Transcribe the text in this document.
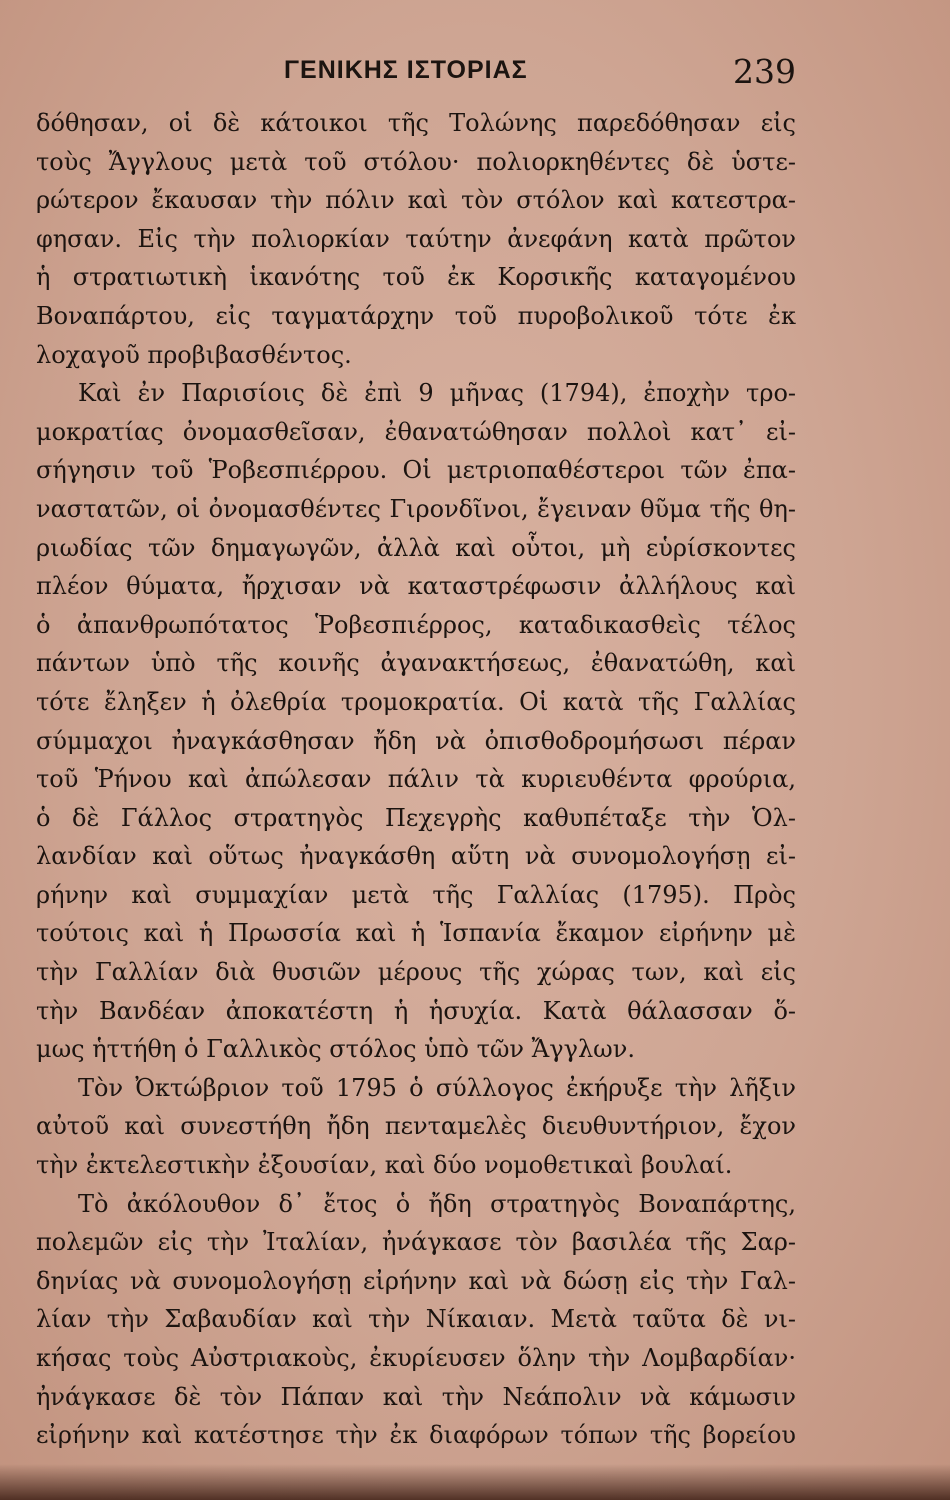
ΓΕΝΙΚΗΣ ΙΣΤΟΡΙΑΣ	239
δόθησαν, οἱ δὲ κάτοικοι τῆς Τολώνης παρεδόθησαν εἰς
τοὺς Ἄγγλους μετὰ τοῦ στόλου· πολιορκηθέντες δὲ ὑστε-
ρώτερον ἔκαυσαν τὴν πόλιν καὶ τὸν στόλον καὶ κατεστρα-
φησαν. Εἰς τὴν πολιορκίαν ταύτην ἀνεφάνη κατὰ πρῶτον
ἡ στρατιωτικὴ ἱκανότης τοῦ ἐκ Κορσικῆς καταγομένου
Βοναπάρτου, εἰς ταγματάρχην τοῦ πυροβολικοῦ τότε ἐκ
λοχαγοῦ προβιβασθέντος.
Καὶ ἐν Παρισίοις δὲ ἐπὶ 9 μῆνας (1794), ἐποχὴν τρο-
μοκρατίας ὀνομασθεῖσαν, ἐθανατώθησαν πολλοὶ κατ᾽ εἰ-
σήγησιν τοῦ Ῥοβεσπιέρρου. Οἱ μετριοπαθέστεροι τῶν ἐπα-
ναστατῶν, οἱ ὀνομασθέντες Γιρονδῖνοι, ἔγειναν θῦμα τῆς θη-
ριωδίας τῶν δημαγωγῶν, ἀλλὰ καὶ οὗτοι, μὴ εὑρίσκοντες
πλέον θύματα, ἤρχισαν νὰ καταστρέφωσιν ἀλλήλους καὶ
ὁ ἀπανθρωπότατος Ῥοβεσπιέρρος, καταδικασθεὶς τέλος
πάντων ὑπὸ τῆς κοινῆς ἀγανακτήσεως, ἐθανατώθη, καὶ
τότε ἔληξεν ἡ ὀλεθρία τρομοκρατία. Οἱ κατὰ τῆς Γαλλίας
σύμμαχοι ἠναγκάσθησαν ἤδη νὰ ὀπισθοδρομήσωσι πέραν
τοῦ Ῥήνου καὶ ἀπώλεσαν πάλιν τὰ κυριευθέντα φρούρια,
ὁ δὲ Γάλλος στρατηγὸς Πεχεγρὴς καθυπέταξε τὴν Ὁλ-
λανδίαν καὶ οὕτως ἠναγκάσθη αὕτη νὰ συνομολογήσῃ εἰ-
ρήνην καὶ συμμαχίαν μετὰ τῆς Γαλλίας (1795). Πρὸς
τούτοις καὶ ἡ Πρωσσία καὶ ἡ Ἱσπανία ἔκαμον εἰρήνην μὲ
τὴν Γαλλίαν διὰ θυσιῶν μέρους τῆς χώρας των, καὶ εἰς
τὴν Βανδέαν ἀποκατέστη ἡ ἡσυχία. Κατὰ θάλασσαν ὅ-
μως ἡττήθη ὁ Γαλλικὸς στόλος ὑπὸ τῶν Ἄγγλων.
Τὸν Ὀκτώβριον τοῦ 1795 ὁ σύλλογος ἐκήρυξε τὴν λῆξιν
αὐτοῦ καὶ συνεστήθη ἤδη πενταμελὲς διευθυντήριον, ἔχον
τὴν ἐκτελεστικὴν ἐξουσίαν, καὶ δύο νομοθετικαὶ βουλαί.
Τὸ ἀκόλουθον δ᾽ ἔτος ὁ ἤδη στρατηγὸς Βοναπάρτης,
πολεμῶν εἰς τὴν Ἰταλίαν, ἠνάγκασε τὸν βασιλέα τῆς Σαρ-
δηνίας νὰ συνομολογήσῃ εἰρήνην καὶ νὰ δώσῃ εἰς τὴν Γαλ-
λίαν τὴν Σαβαυδίαν καὶ τὴν Νίκαιαν. Μετὰ ταῦτα δὲ νι-
κήσας τοὺς Αὐστριακοὺς, ἐκυρίευσεν ὅλην τὴν Λομβαρδίαν·
ἠνάγκασε δὲ τὸν Πάπαν καὶ τὴν Νεάπολιν νὰ κάμωσιν
εἰρήνην καὶ κατέστησε τὴν ἐκ διαφόρων τόπων τῆς βορείου
